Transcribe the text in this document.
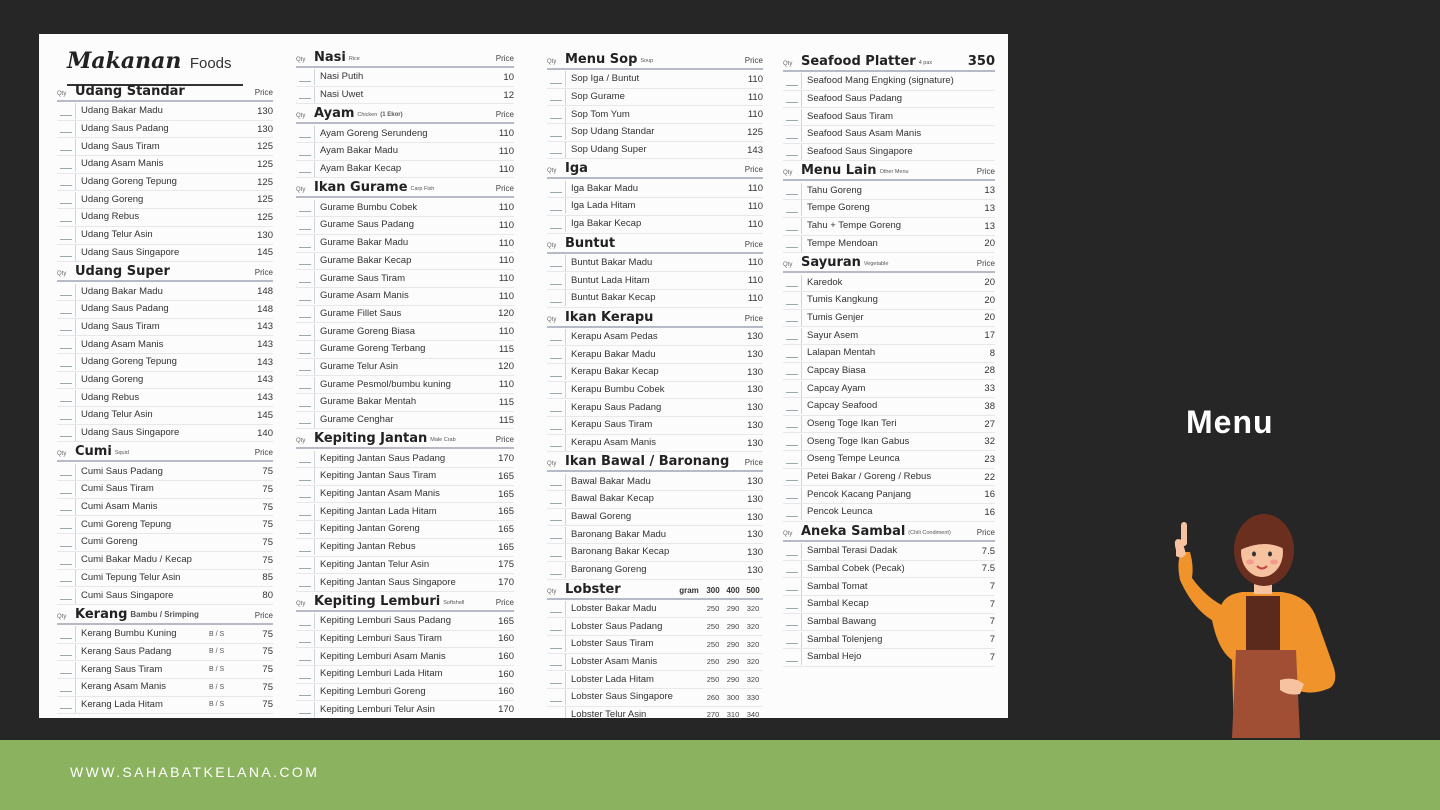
Makanan Foods
Qty Udang Standar	Price
Udang Bakar Madu	130
Udang Saus Padang	130
Udang Saus Tiram	125
Udang Asam Manis	125
Udang Goreng Tepung	125
Udang Goreng	125
Udang Rebus	125
Udang Telur Asin	130
Udang Saus Singapore	145
Qty Udang Super	Price
Udang Bakar Madu	148
Udang Saus Padang	148
Udang Saus Tiram	143
Udang Asam Manis	143
Udang Goreng Tepung	143
Udang Goreng	143
Udang Rebus	143
Udang Telur Asin	145
Udang Saus Singapore	140
Qty Cumi Squid	Price
Cumi Saus Padang	75
Cumi Saus Tiram	75
Cumi Asam Manis	75
Cumi Goreng Tepung	75
Cumi Goreng	75
Cumi Bakar Madu / Kecap	75
Cumi Tepung Telur Asin	85
Cumi Saus Singapore	80
Qty Kerang Bambu / Srimping	Price
Kerang Bumbu Kuning	B / S	75
Kerang Saus Padang	B / S	75
Kerang Saus Tiram	B / S	75
Kerang Asam Manis	B / S	75
Kerang Lada Hitam	B / S	75
Qty Nasi Rice	Price
Nasi Putih	10
Nasi Uwet	12
Qty Ayam Chicken (1 Ekor)	Price
Ayam Goreng Serundeng	110
Ayam Bakar Madu	110
Ayam Bakar Kecap	110
Qty Ikan Gurame Carp Fish	Price
Gurame Bumbu Cobek	110
Gurame Saus Padang	110
Gurame Bakar Madu	110
Gurame Bakar Kecap	110
Gurame Saus Tiram	110
Gurame Asam Manis	110
Gurame Fillet Saus	120
Gurame Goreng Biasa	110
Gurame Goreng Terbang	115
Gurame Telur Asin	120
Gurame Pesmol/bumbu kuning	110
Gurame Bakar Mentah	115
Gurame Cenghar	115
Qty Kepiting Jantan Male Crab	Price
Kepiting Jantan Saus Padang	170
Kepiting Jantan Saus Tiram	165
Kepiting Jantan Asam Manis	165
Kepiting Jantan Lada Hitam	165
Kepiting Jantan Goreng	165
Kepiting Jantan Rebus	165
Kepiting Jantan Telur Asin	175
Kepiting Jantan Saus Singapore	170
Qty Kepiting Lemburi Softshell	Price
Kepiting Lemburi Saus Padang	165
Kepiting Lemburi Saus Tiram	160
Kepiting Lemburi Asam Manis	160
Kepiting Lemburi Lada Hitam	160
Kepiting Lemburi Goreng	160
Kepiting Lemburi Telur Asin	170
Qty Menu Sop Soup	Price
Sop Iga / Buntut	110
Sop Gurame	110
Sop Tom Yum	110
Sop Udang Standar	125
Sop Udang Super	143
Qty Iga	Price
Iga Bakar Madu	110
Iga Lada Hitam	110
Iga Bakar Kecap	110
Qty Buntut	Price
Buntut Bakar Madu	110
Buntut Lada Hitam	110
Buntut Bakar Kecap	110
Qty Ikan Kerapu	Price
Kerapu Asam Pedas	130
Kerapu Bakar Madu	130
Kerapu Bakar Kecap	130
Kerapu Bumbu Cobek	130
Kerapu Saus Padang	130
Kerapu Saus Tiram	130
Kerapu Asam Manis	130
Qty Ikan Bawal / Baronang Price
Bawal Bakar Madu	130
Bawal Bakar Kecap	130
Bawal Goreng	130
Baronang Bakar Madu	130
Baronang Bakar Kecap	130
Baronang Goreng	130
Qty Lobster	gram 300 400 500
Lobster Bakar Madu	250 290 320
Lobster Saus Padang	250 290 320
Lobster Saus Tiram	250 290 320
Lobster Asam Manis	250 290 320
Lobster Lada Hitam	250 290 320
Lobster Saus Singapore	260 300 330
Lobster Telur Asin	270 310 340
Qty Seafood Platter 4 pax	350
Seafood Mang Engking (signature)
Seafood Saus Padang
Seafood Saus Tiram
Seafood Saus Asam Manis
Seafood Saus Singapore
Qty Menu Lain Other Menu	Price
Tahu Goreng	13
Tempe Goreng	13
Tahu + Tempe Goreng	13
Tempe Mendoan	20
Qty Sayuran Vegetable	Price
Karedok	20
Tumis Kangkung	20
Tumis Genjer	20
Sayur Asem	17
Lalapan Mentah	8
Capcay Biasa	28
Capcay Ayam	33
Capcay Seafood	38
Oseng Toge Ikan Teri	27
Oseng Toge Ikan Gabus	32
Oseng Tempe Leunca	23
Petei Bakar / Goreng / Rebus	22
Pencok Kacang Panjang	16
Pencok Leunca	16
Qty Aneka Sambal (Chili Condiment)	Price
Sambal Terasi Dadak	7.5
Sambal Cobek (Pecak)	7.5
Sambal Tomat	7
Sambal Kecap	7
Sambal Bawang	7
Sambal Tolenjeng	7
Sambal Hejo	7
Menu
WWW.SAHABATKELANA.COM
